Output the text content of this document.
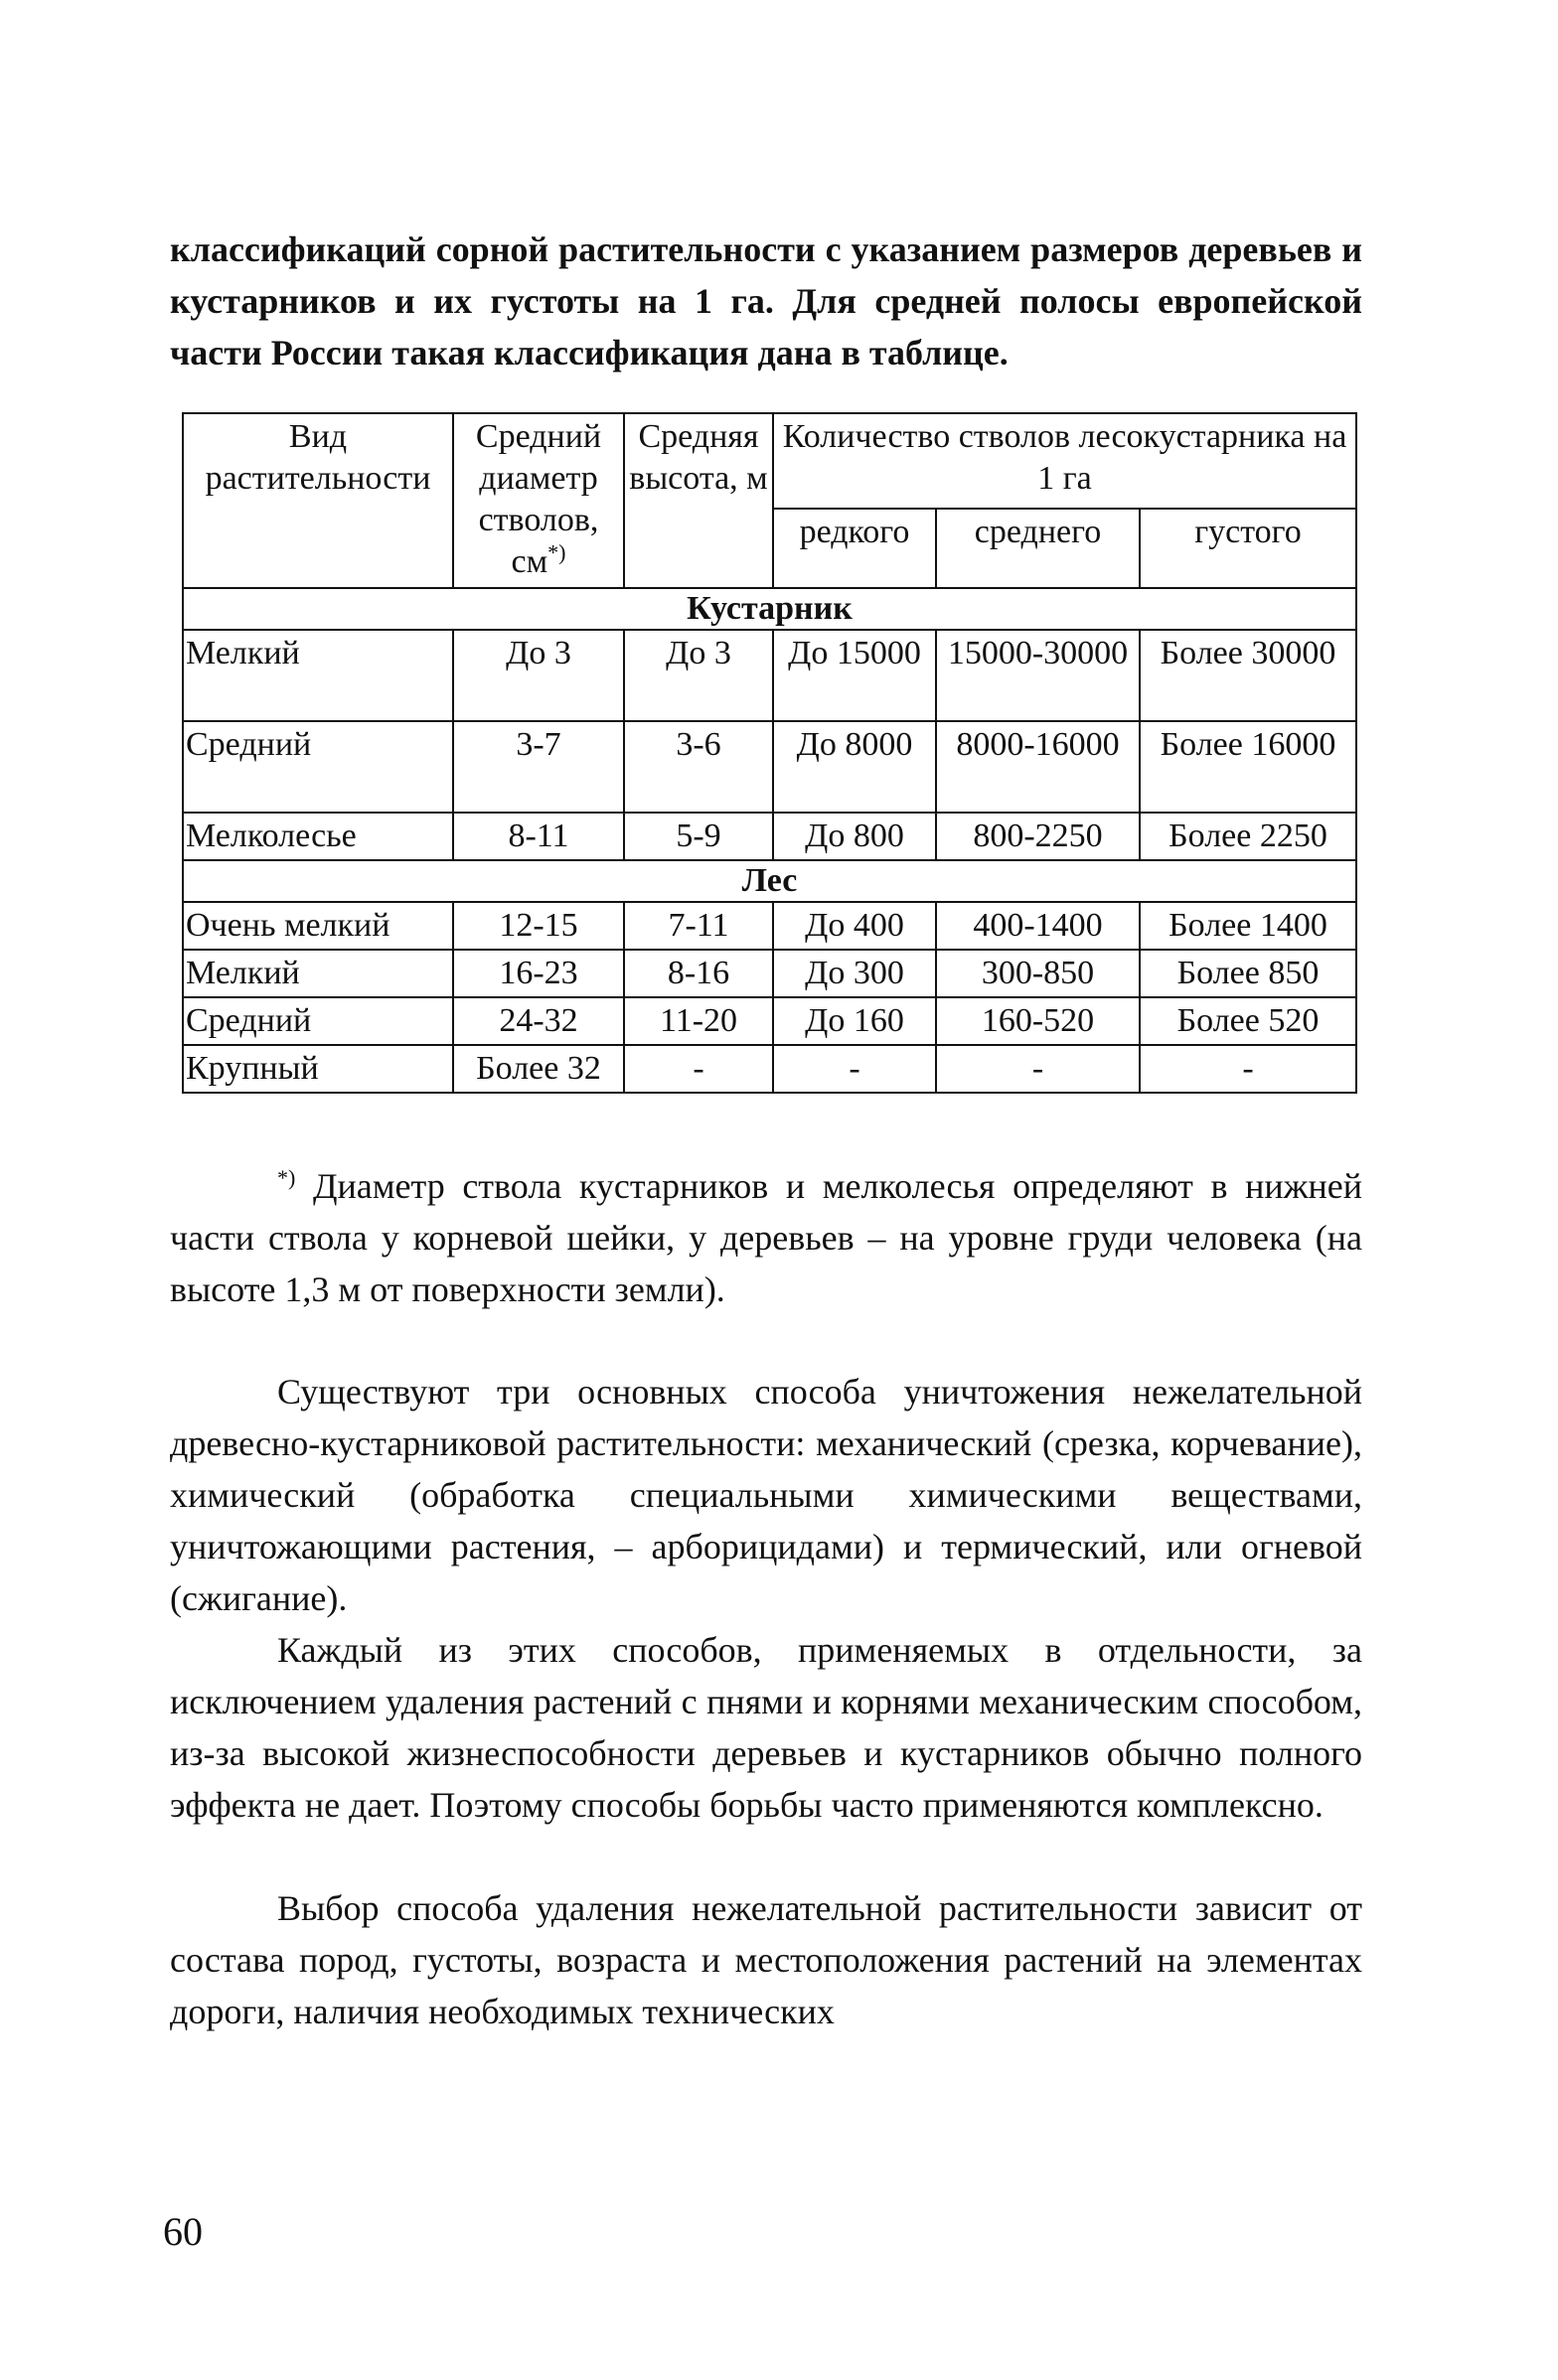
классификаций сорной растительности с указанием размеров деревьев и кустарников и их густоты на 1 га. Для средней полосы европейской части России такая классификация дана в таблице.

Вид растительности	Средний диаметр стволов, см*)	Средняя высота, м	Количество стволов лесокустарника на 1 га		
			редкого	среднего	густого
Кустарник					
Мелкий	До 3	До 3	До 15000	15000-30000	Более 30000
Средний	3-7	3-6	До 8000	8000-16000	Более 16000
Мелколесье	8-11	5-9	До 800	800-2250	Более 2250
Лес					
Очень мелкий	12-15	7-11	До 400	400-1400	Более 1400
Мелкий	16-23	8-16	До 300	300-850	Более 850
Средний	24-32	11-20	До 160	160-520	Более 520
Крупный	Более 32	-	-	-	-

*) Диаметр ствола кустарников и мелколесья определяют в нижней части ствола у корневой шейки, у деревьев – на уровне груди человека (на высоте 1,3 м от поверхности земли).

Существуют три основных способа уничтожения нежелательной древесно-кустарниковой растительности: механический (срезка, корчевание), химический (обработка специальными химическими веществами, уничтожающими растения, – арборицидами) и термический, или огневой (сжигание).

Каждый из этих способов, применяемых в отдельности, за исключением удаления растений с пнями и корнями механическим способом, из-за высокой жизнеспособности деревьев и кустарников обычно полного эффекта не дает. Поэтому способы борьбы часто применяются комплексно.

Выбор способа удаления нежелательной растительности зависит от состава пород, густоты, возраста и местоположения растений на элементах дороги, наличия необходимых технических

60
